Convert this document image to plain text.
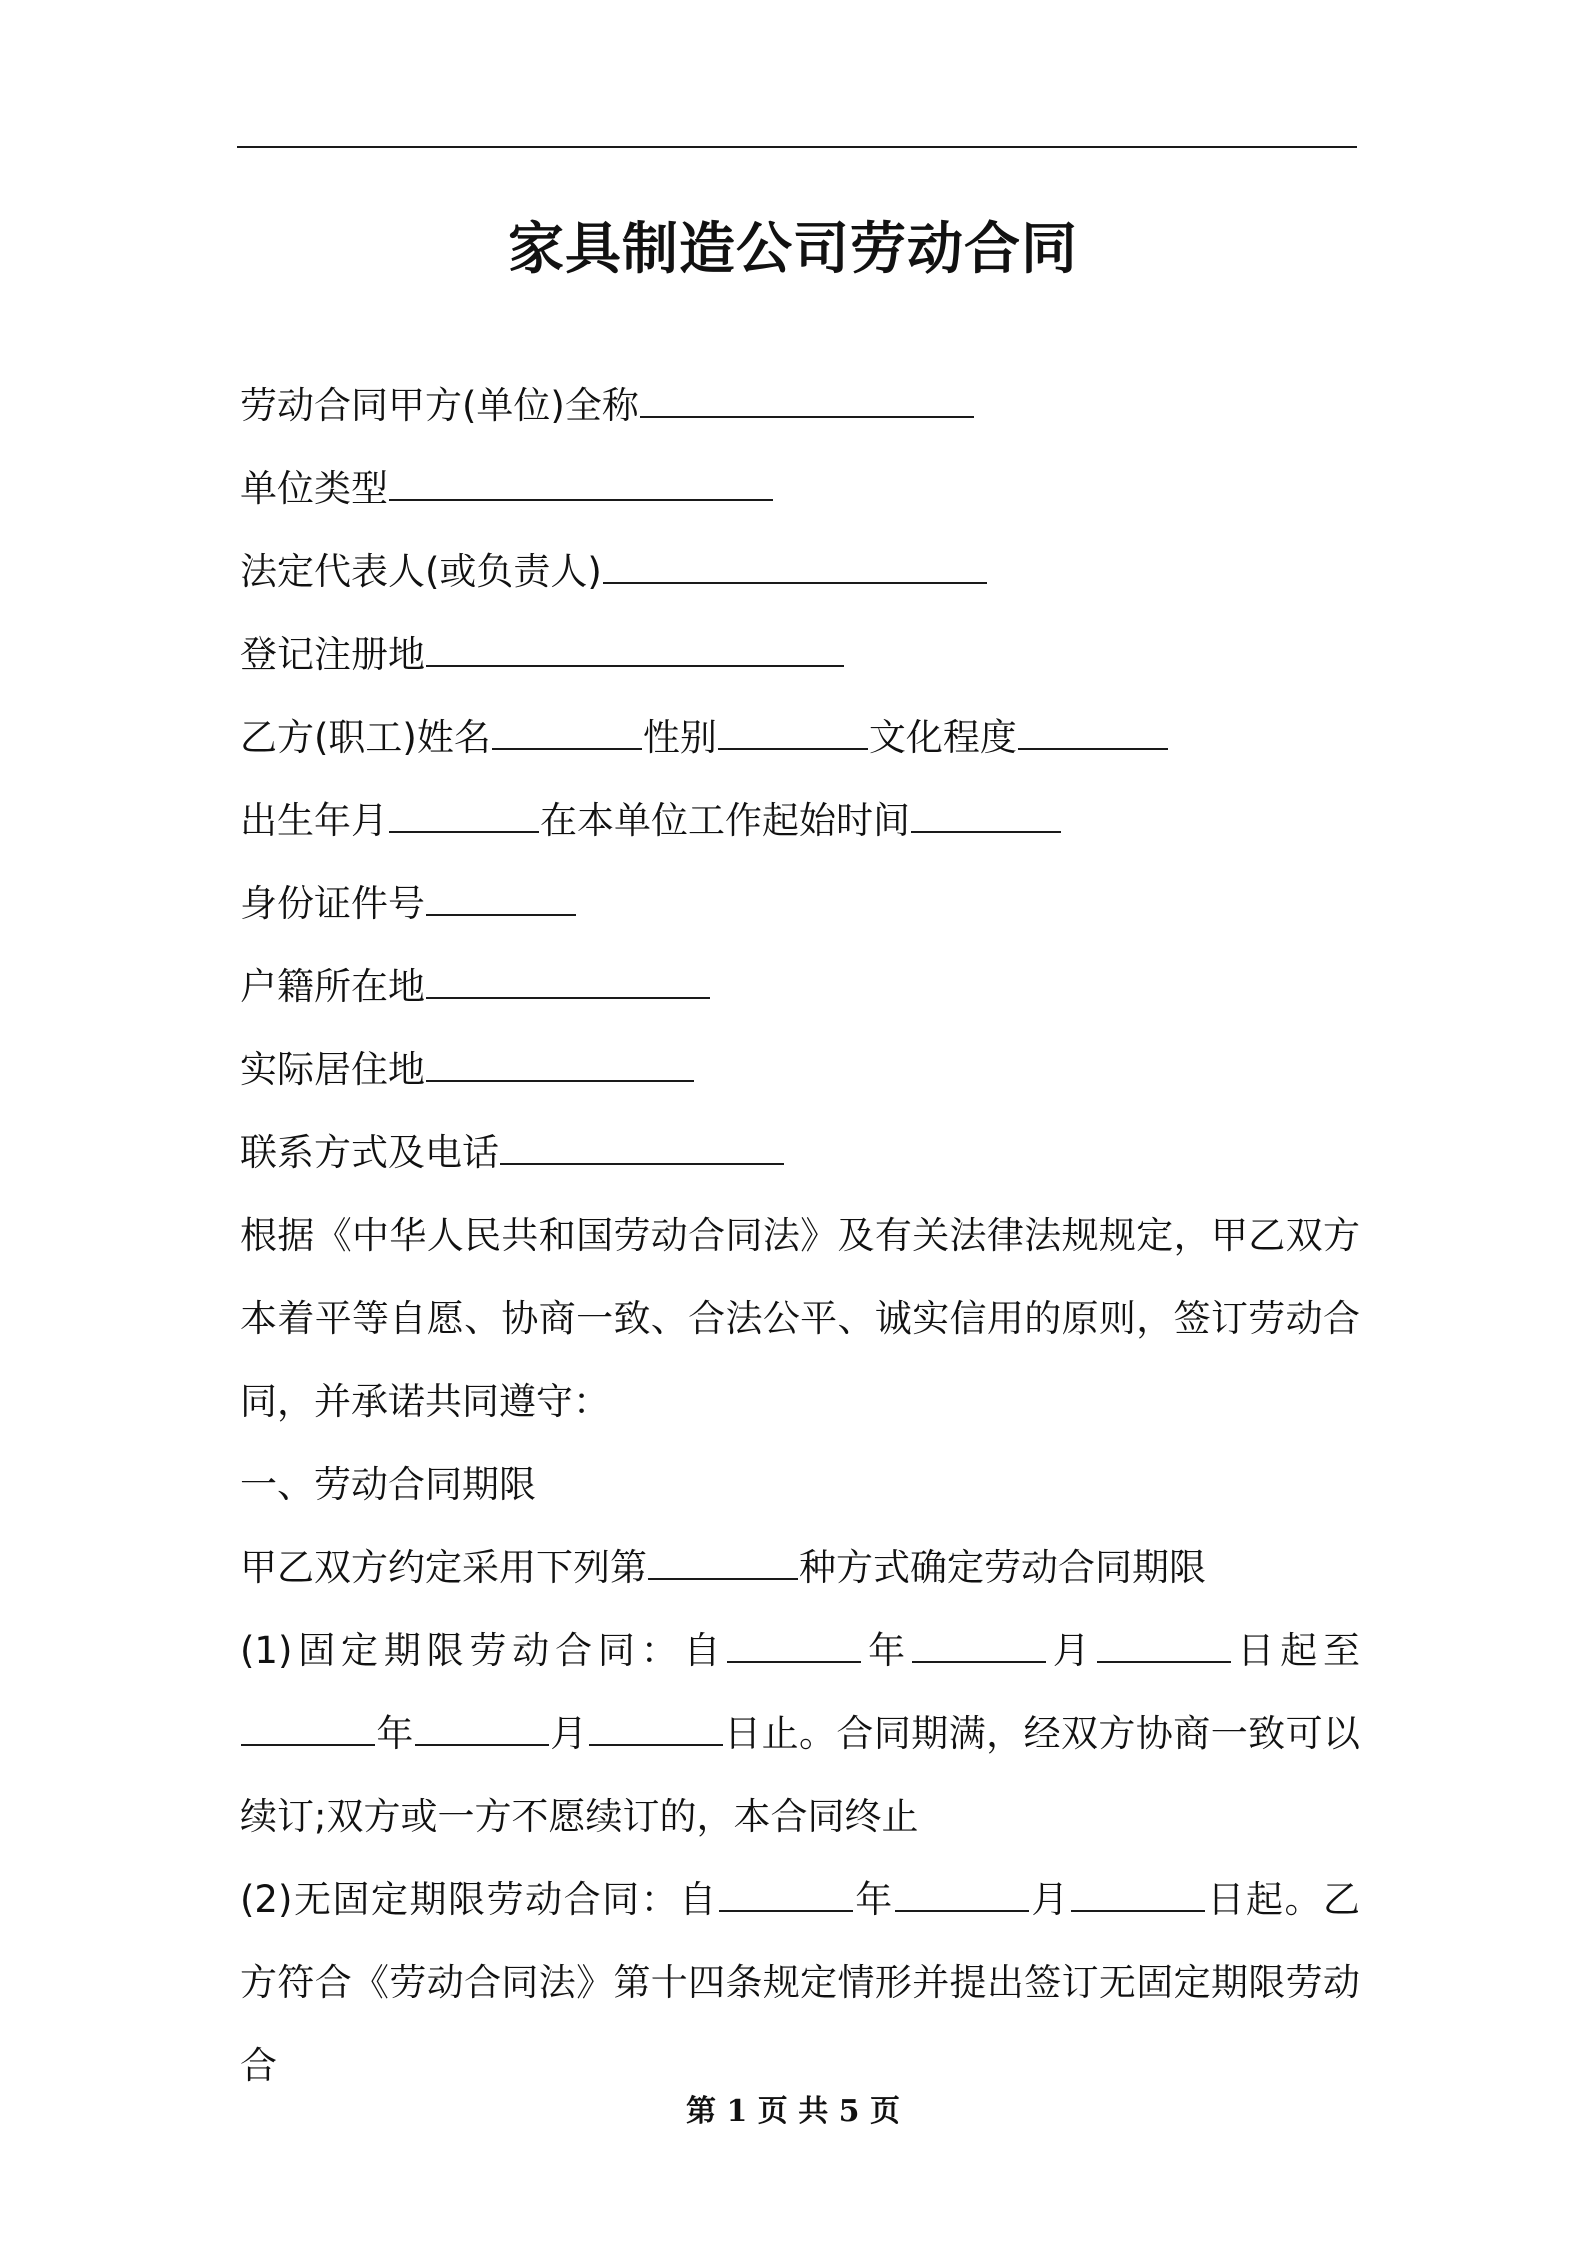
家具制造公司劳动合同
劳动合同甲方(单位)全称
单位类型
法定代表人(或负责人)
登记注册地
乙方(职工)姓名	性别	文化程度
出生年月	在本单位工作起始时间
身份证件号
户籍所在地
实际居住地
联系方式及电话
根据《中华人民共和国劳动合同法》及有关法律法规规定，甲乙双方本着平等自愿、协商一致、合法公平、诚实信用的原则，签订劳动合同，并承诺共同遵守：
一、劳动合同期限
甲乙双方约定采用下列第	种方式确定劳动合同期限
(1)固定期限劳动合同：自	年	月	日起至年	月	日止。合同期满，经双方协商一致可以续订;双方或一方不愿续订的，本合同终止
(2)无固定期限劳动合同：自	年	月	日起。乙方符合《劳动合同法》第十四条规定情形并提出签订无固定期限劳动合
第 1 页 共 5 页
